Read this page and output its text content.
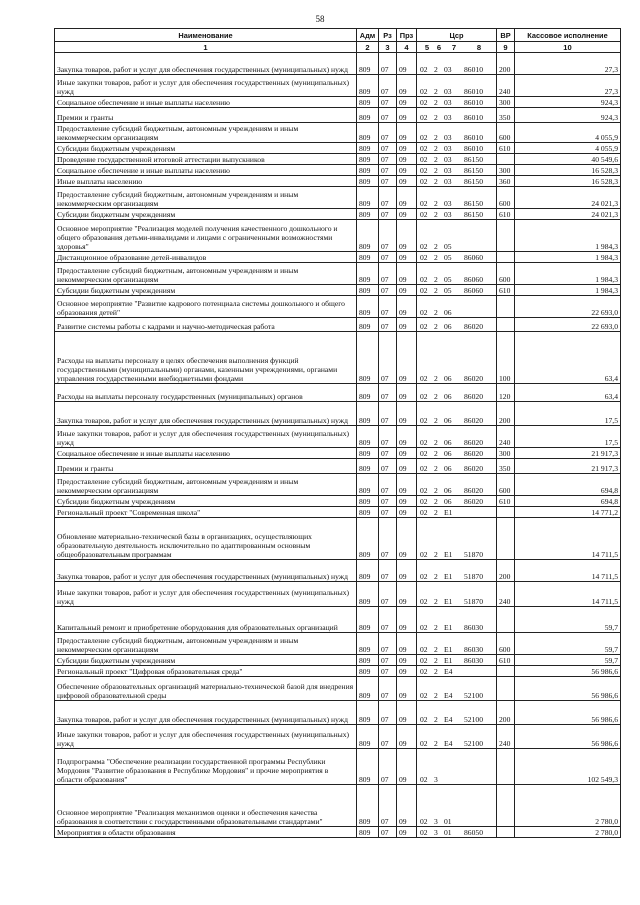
58
Наименование	Адм	Рз	Прз	Цср	ВР	Кассовое исполнение
1	2	3	4	5 6 7 8	9	10
Закупка товаров, работ и услуг для обеспечения государственных (муниципальных) нужд	809	07	09	02 2 03 86010	200	27,3
Иные закупки товаров, работ и услуг для обеспечения государственных (муниципальных) нужд	809	07	09	02 2 03 86010	240	27,3
Социальное обеспечение и иные выплаты населению	809	07	09	02 2 03 86010	300	924,3
Премии и гранты	809	07	09	02 2 03 86010	350	924,3
Предоставление субсидий бюджетным, автономным учреждениям и иным некоммерческим организациям	809	07	09	02 2 03 86010	600	4 055,9
Субсидии бюджетным учреждениям	809	07	09	02 2 03 86010	610	4 055,9
Проведение государственной итоговой аттестации выпускников	809	07	09	02 2 03 86150		40 549,6
Социальное обеспечение и иные выплаты населению	809	07	09	02 2 03 86150	300	16 528,3
Иные выплаты населению	809	07	09	02 2 03 86150	360	16 528,3
Предоставление субсидий бюджетным, автономным учреждениям и иным некоммерческим организациям	809	07	09	02 2 03 86150	600	24 021,3
Субсидии бюджетным учреждениям	809	07	09	02 2 03 86150	610	24 021,3
Основное мероприятие "Реализация моделей получения качественного дошкольного и общего образования детьми-инвалидами и лицами с ограниченными возможностями здоровья"	809	07	09	02 2 05		1 984,3
Дистанционное образование детей-инвалидов	809	07	09	02 2 05 86060		1 984,3
Предоставление субсидий бюджетным, автономным учреждениям и иным некоммерческим организациям	809	07	09	02 2 05 86060	600	1 984,3
Субсидии бюджетным учреждениям	809	07	09	02 2 05 86060	610	1 984,3
Основное мероприятие "Развитие кадрового потенциала системы дошкольного и общего образования детей"	809	07	09	02 2 06		22 693,0
Развитие системы работы с кадрами и научно-методическая работа	809	07	09	02 2 06 86020		22 693,0
Расходы на выплаты персоналу в целях обеспечения выполнения функций государственными (муниципальными) органами, казенными учреждениями, органами управления государственными внебюджетными фондами	809	07	09	02 2 06 86020	100	63,4
Расходы на выплаты персоналу государственных (муниципальных) органов	809	07	09	02 2 06 86020	120	63,4
Закупка товаров, работ и услуг для обеспечения государственных (муниципальных) нужд	809	07	09	02 2 06 86020	200	17,5
Иные закупки товаров, работ и услуг для обеспечения государственных (муниципальных) нужд	809	07	09	02 2 06 86020	240	17,5
Социальное обеспечение и иные выплаты населению	809	07	09	02 2 06 86020	300	21 917,3
Премии и гранты	809	07	09	02 2 06 86020	350	21 917,3
Предоставление субсидий бюджетным, автономным учреждениям и иным некоммерческим организациям	809	07	09	02 2 06 86020	600	694,8
Субсидии бюджетным учреждениям	809	07	09	02 2 06 86020	610	694,8
Региональный проект "Современная школа"	809	07	09	02 2 E1		14 771,2
Обновление материально-технической базы в организациях, осуществляющих образовательную деятельность исключительно по адаптированным основным общеобразовательным программам	809	07	09	02 2 E1 51870		14 711,5
Закупка товаров, работ и услуг для обеспечения государственных (муниципальных) нужд	809	07	09	02 2 E1 51870	200	14 711,5
Иные закупки товаров, работ и услуг для обеспечения государственных (муниципальных) нужд	809	07	09	02 2 E1 51870	240	14 711,5
Капитальный ремонт и приобретение оборудования для образовательных организаций	809	07	09	02 2 E1 86030		59,7
Предоставление субсидий бюджетным, автономным учреждениям и иным некоммерческим организациям	809	07	09	02 2 E1 86030	600	59,7
Субсидии бюджетным учреждениям	809	07	09	02 2 E1 86030	610	59,7
Региональный проект "Цифровая образовательная среда"	809	07	09	02 2 E4		56 986,6
Обеспечение образовательных организаций материально-технической базой для внедрения цифровой образовательной среды	809	07	09	02 2 E4 52100		56 986,6
Закупка товаров, работ и услуг для обеспечения государственных (муниципальных) нужд	809	07	09	02 2 E4 52100	200	56 986,6
Иные закупки товаров, работ и услуг для обеспечения государственных (муниципальных) нужд	809	07	09	02 2 E4 52100	240	56 986,6
Подпрограмма "Обеспечение реализации государственной программы Республики Мордовия "Развитие образования в Республике Мордовия" и прочие мероприятия в области образования"	809	07	09	02 3		102 549,3
Основное мероприятие "Реализация механизмов оценки и обеспечения качества образования в соответствии с государственными образовательными стандартами"	809	07	09	02 3 01		2 780,0
Мероприятия в области образования	809	07	09	02 3 01 86050		2 780,0
